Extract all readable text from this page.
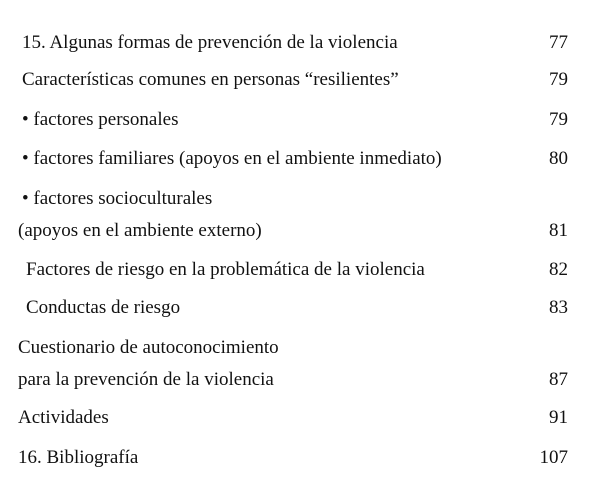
15. Algunas formas de prevención de la violencia	77
Características comunes en personas “resilientes”	79
• factores personales	79
• factores familiares (apoyos en el ambiente inmediato)	80
• factores socioculturales
(apoyos en el ambiente externo)	81
Factores de riesgo en la problemática de la violencia	82
Conductas de riesgo	83
Cuestionario de autoconocimiento
para la prevención de la violencia	87
Actividades	91
16. Bibliografía	107
